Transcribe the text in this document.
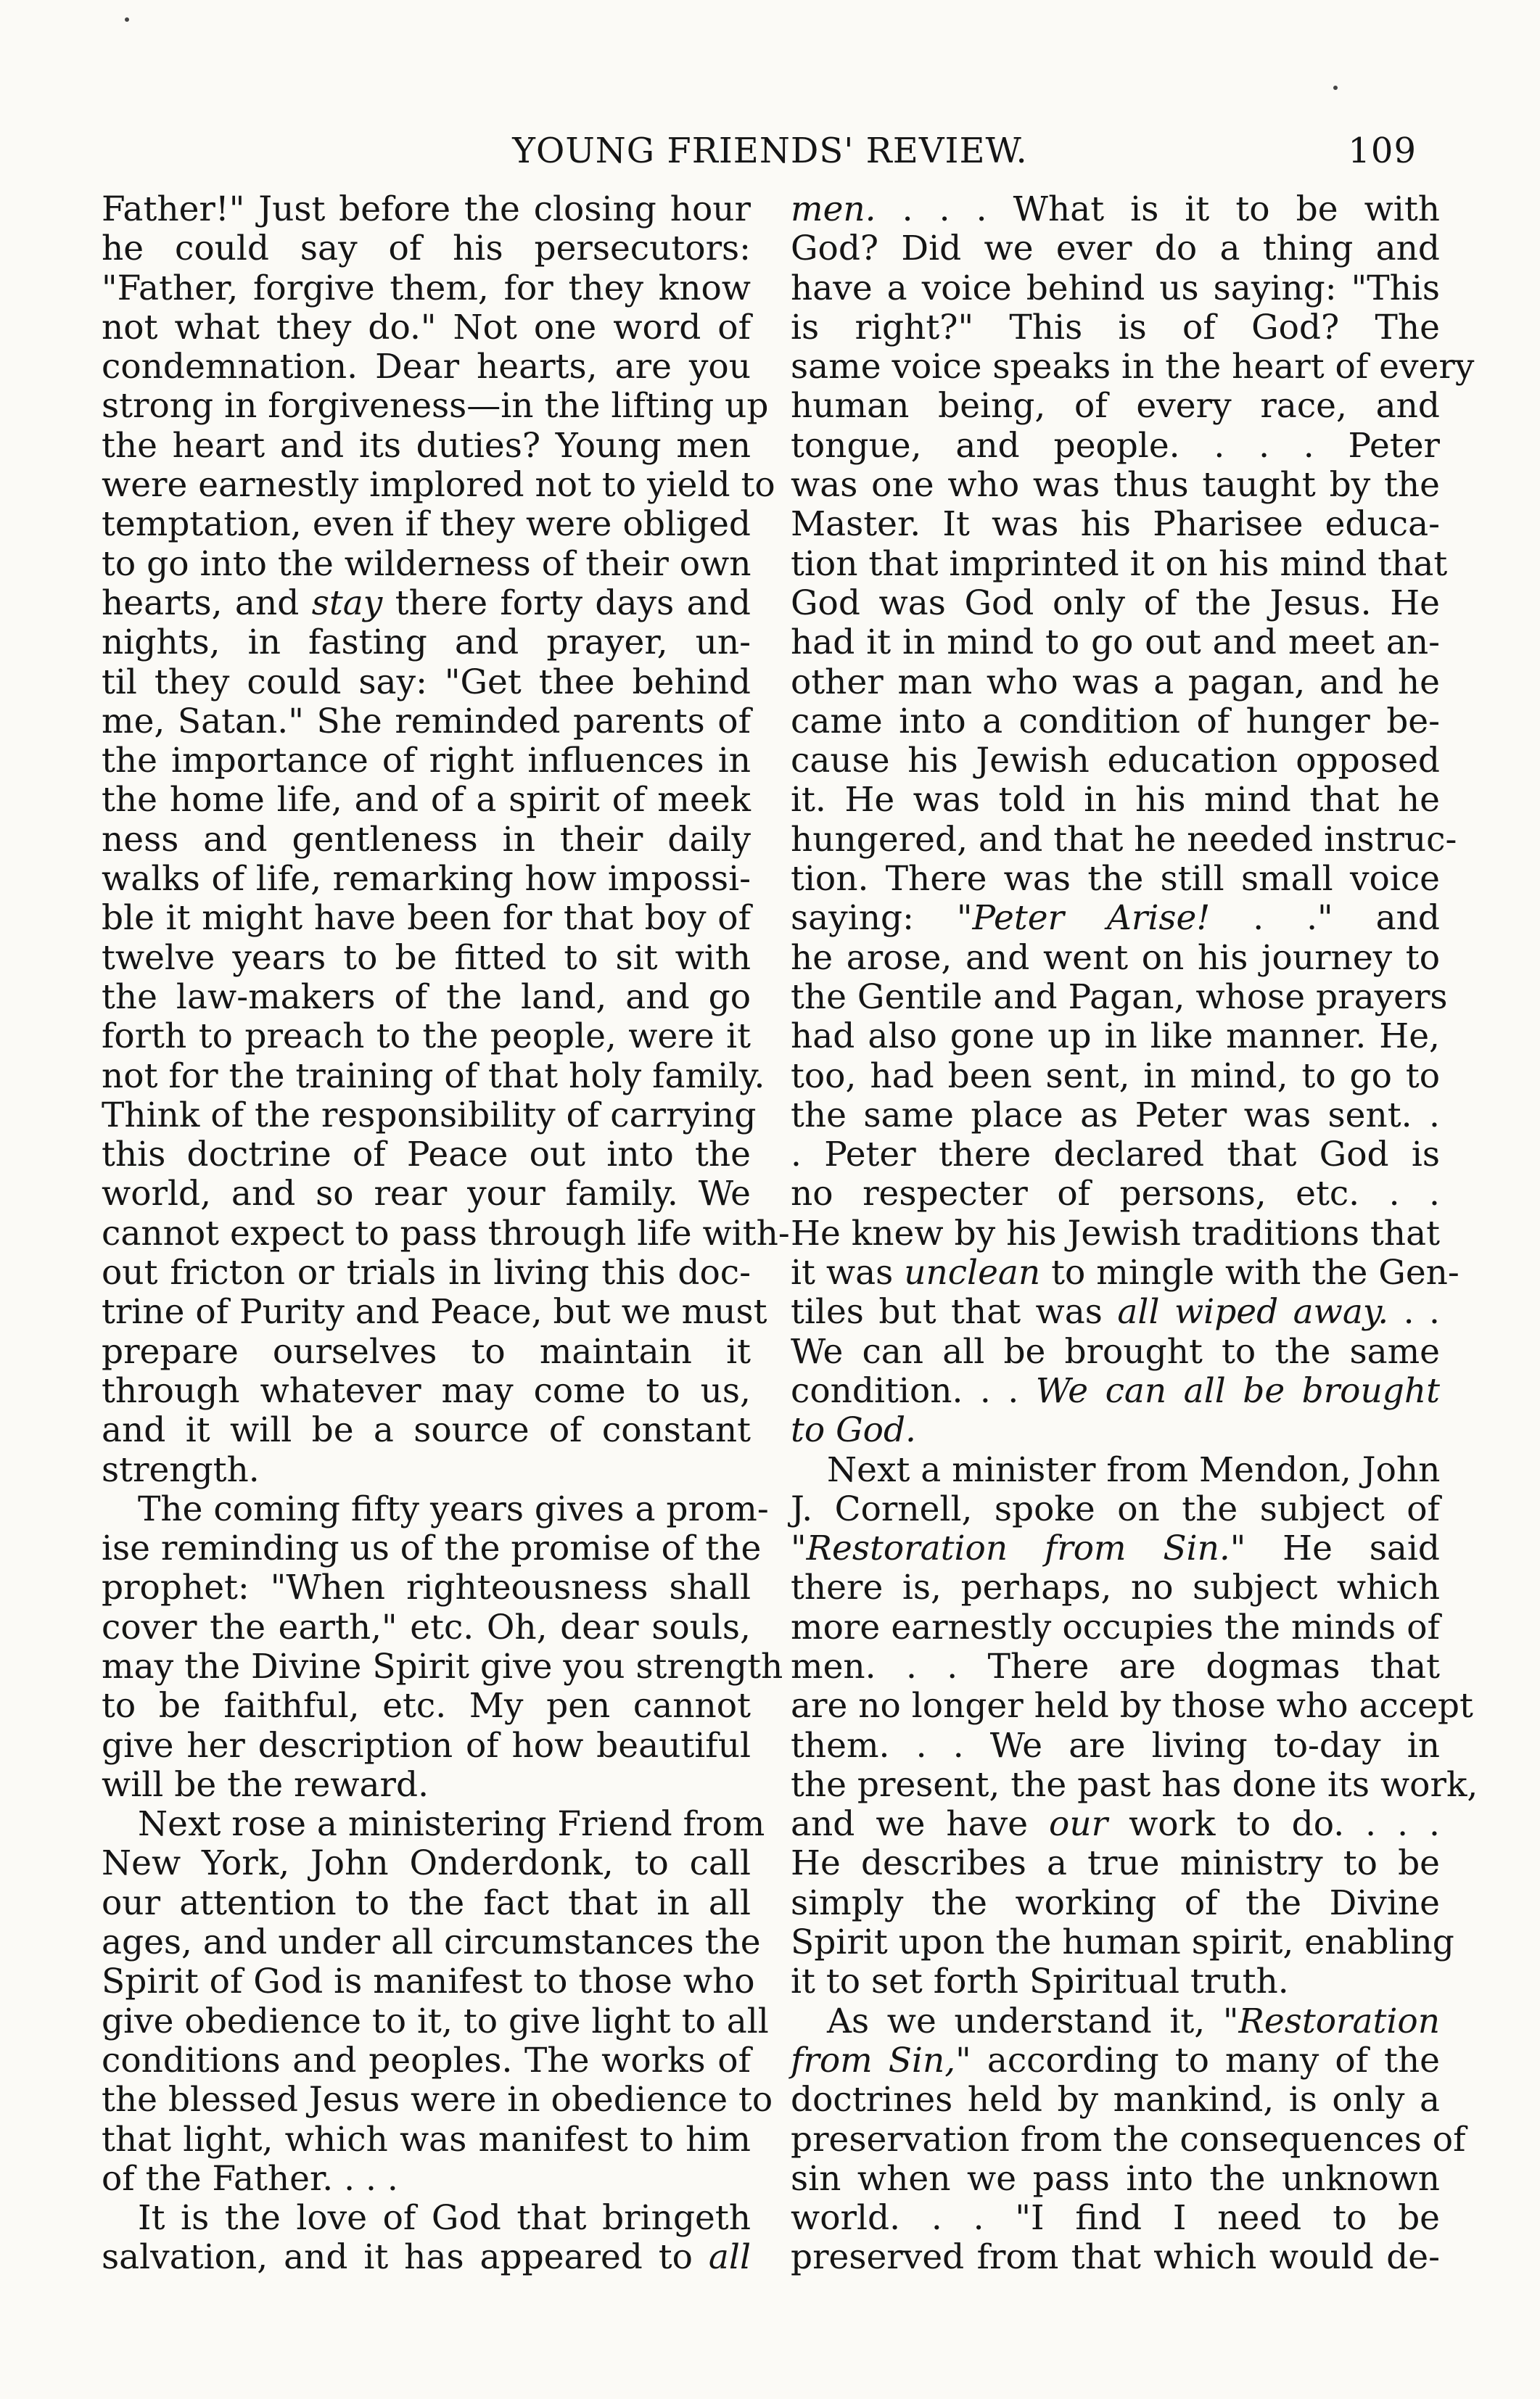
YOUNG FRIENDS' REVIEW.	109
Father!" Just before the closing hour
he could say of his persecutors:
"Father, forgive them, for they know
not what they do." Not one word of
condemnation. Dear hearts, are you
strong in forgiveness—in the lifting up
the heart and its duties? Young men
were earnestly implored not to yield to
temptation, even if they were obliged
to go into the wilderness of their own
hearts, and stay there forty days and
nights, in fasting and prayer, un-
til they could say: "Get thee behind
me, Satan." She reminded parents of
the importance of right influences in
the home life, and of a spirit of meek
ness and gentleness in their daily
walks of life, remarking how impossi-
ble it might have been for that boy of
twelve years to be fitted to sit with
the law-makers of the land, and go
forth to preach to the people, were it
not for the training of that holy family.
Think of the responsibility of carrying
this doctrine of Peace out into the
world, and so rear your family. We
cannot expect to pass through life with-
out fricton or trials in living this doc-
trine of Purity and Peace, but we must
prepare ourselves to maintain it
through whatever may come to us,
and it will be a source of constant
strength.
The coming fifty years gives a prom-
ise reminding us of the promise of the
prophet: "When righteousness shall
cover the earth," etc. Oh, dear souls,
may the Divine Spirit give you strength
to be faithful, etc. My pen cannot
give her description of how beautiful
will be the reward.
Next rose a ministering Friend from
New York, John Onderdonk, to call
our attention to the fact that in all
ages, and under all circumstances the
Spirit of God is manifest to those who
give obedience to it, to give light to all
conditions and peoples. The works of
the blessed Jesus were in obedience to
that light, which was manifest to him
of the Father. . . .
It is the love of God that bringeth
salvation, and it has appeared to all
men. . . . What is it to be with
God? Did we ever do a thing and
have a voice behind us saying: "This
is right?" This is of God? The
same voice speaks in the heart of every
human being, of every race, and
tongue, and people. . . . Peter
was one who was thus taught by the
Master. It was his Pharisee educa-
tion that imprinted it on his mind that
God was God only of the Jesus. He
had it in mind to go out and meet an-
other man who was a pagan, and he
came into a condition of hunger be-
cause his Jewish education opposed
it. He was told in his mind that he
hungered, and that he needed instruc-
tion. There was the still small voice
saying: "Peter Arise! . ." and
he arose, and went on his journey to
the Gentile and Pagan, whose prayers
had also gone up in like manner. He,
too, had been sent, in mind, to go to
the same place as Peter was sent. .
. Peter there declared that God is
no respecter of persons, etc. . .
He knew by his Jewish traditions that
it was unclean to mingle with the Gen-
tiles but that was all wiped away. . .
We can all be brought to the same
condition. . . We can all be brought
to God.
Next a minister from Mendon, John
J. Cornell, spoke on the subject of
"Restoration from Sin." He said
there is, perhaps, no subject which
more earnestly occupies the minds of
men. . . There are dogmas that
are no longer held by those who accept
them. . . We are living to-day in
the present, the past has done its work,
and we have our work to do. . . .
He describes a true ministry to be
simply the working of the Divine
Spirit upon the human spirit, enabling
it to set forth Spiritual truth.
As we understand it, "Restoration
from Sin," according to many of the
doctrines held by mankind, is only a
preservation from the consequences of
sin when we pass into the unknown
world. . . "I find I need to be
preserved from that which would de-
